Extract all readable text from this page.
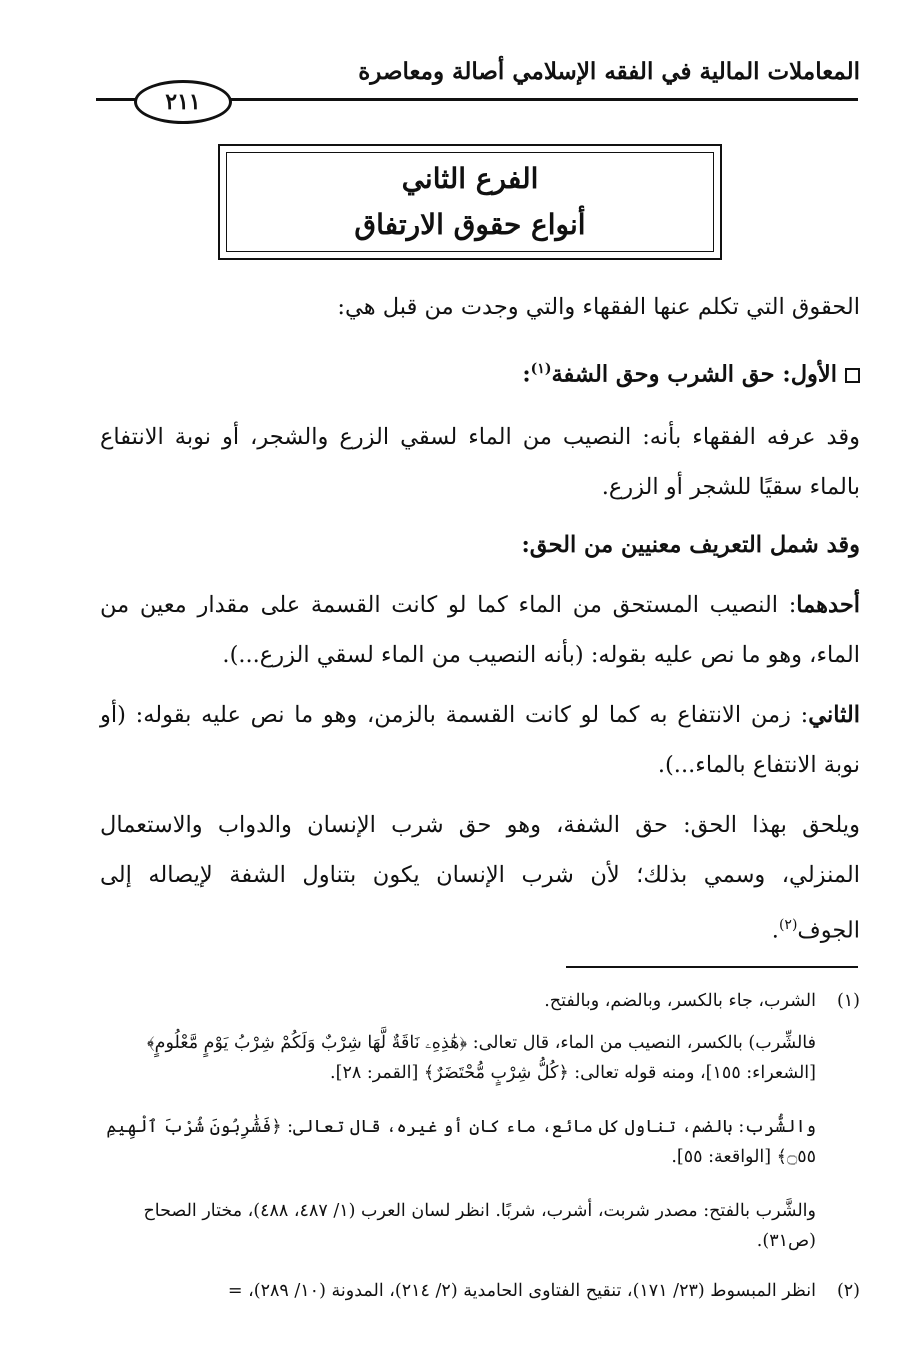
المعاملات المالية في الفقه الإسلامي أصالة ومعاصرة
٢١١
الفرع الثاني
أنواع حقوق الارتفاق
الحقوق التي تكلم عنها الفقهاء والتي وجدت من قبل هي:
الأول: حق الشرب وحق الشفة$^{(١)}$:
وقد عرفه الفقهاء بأنه: النصيب من الماء لسقي الزرع والشجر، أو نوبة الانتفاع بالماء سقيًا للشجر أو الزرع.
وقد شمل التعريف معنيين من الحق:
أحدهما: النصيب المستحق من الماء كما لو كانت القسمة على مقدار معين من الماء، وهو ما نص عليه بقوله: (بأنه النصيب من الماء لسقي الزرع...).
الثاني: زمن الانتفاع به كما لو كانت القسمة بالزمن، وهو ما نص عليه بقوله: (أو نوبة الانتفاع بالماء...).
ويلحق بهذا الحق: حق الشفة، وهو حق شرب الإنسان والدواب والاستعمال المنزلي، وسمي بذلك؛ لأن شرب الإنسان يكون بتناول الشفة لإيصاله إلى الجوف$^{(٢)}$.
(١)الشرب، جاء بالكسر، وبالضم، وبالفتح.
فالشِّرب) بالكسر، النصيب من الماء، قال تعالى: ﴿هَٰذِهِۦ نَاقَةٌ لَّهَا شِرْبٌ وَلَكُمْ شِرْبُ يَوْمٍ مَّعْلُومٍ﴾ [الشعراء: ١٥٥]، ومنه قوله تعالى: ﴿كُلُّ شِرْبٍ مُّحْتَضَرٌ﴾ [القمر: ٢٨].
والشُّرب: بالضم، تناول كل مائع، ماء كان أو غيره، قال تعالى: ﴿فَشَٰرِبُونَ شُرْبَ ٱلْهِيمِ ۝٥٥﴾ [الواقعة: ٥٥].
والشَّرب بالفتح: مصدر شربت، أشرب، شربًا. انظر لسان العرب (١/ ٤٨٧، ٤٨٨)، مختار الصحاح (ص٣١).
(٢)انظر المبسوط (٢٣/ ١٧١)، تنقيح الفتاوى الحامدية (٢/ ٢١٤)، المدونة (١٠/ ٢٨٩)، =
